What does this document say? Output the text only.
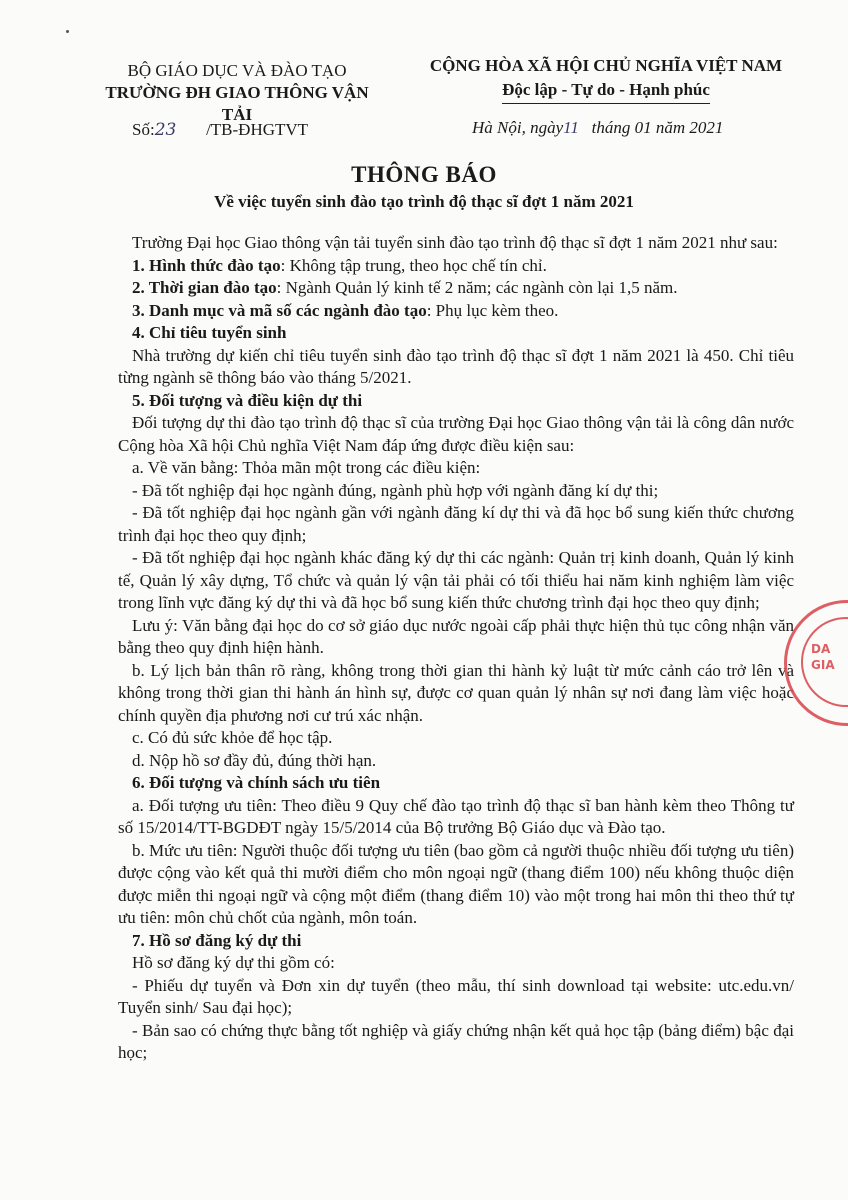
BỘ GIÁO DỤC VÀ ĐÀO TẠO
TRƯỜNG ĐH GIAO THÔNG VẬN TẢI
CỘNG HÒA XÃ HỘI CHỦ NGHĨA VIỆT NAM
Độc lập - Tự do - Hạnh phúc
Số:23 /TB-ĐHGTVT	Hà Nội, ngày11 tháng 01 năm 2021
THÔNG BÁO
Về việc tuyển sinh đào tạo trình độ thạc sĩ đợt 1 năm 2021

Trường Đại học Giao thông vận tải tuyển sinh đào tạo trình độ thạc sĩ đợt 1 năm 2021 như sau:

1. Hình thức đào tạo: Không tập trung, theo học chế tín chỉ.

2. Thời gian đào tạo: Ngành Quản lý kinh tế 2 năm; các ngành còn lại 1,5 năm.

3. Danh mục và mã số các ngành đào tạo: Phụ lục kèm theo.

4. Chỉ tiêu tuyển sinh

Nhà trường dự kiến chỉ tiêu tuyển sinh đào tạo trình độ thạc sĩ đợt 1 năm 2021 là 450. Chỉ tiêu từng ngành sẽ thông báo vào tháng 5/2021.

5. Đối tượng và điều kiện dự thi

Đối tượng dự thi đào tạo trình độ thạc sĩ của trường Đại học Giao thông vận tải là công dân nước Cộng hòa Xã hội Chủ nghĩa Việt Nam đáp ứng được điều kiện sau:

a. Về văn bằng: Thỏa mãn một trong các điều kiện:

- Đã tốt nghiệp đại học ngành đúng, ngành phù hợp với ngành đăng kí dự thi;

- Đã tốt nghiệp đại học ngành gần với ngành đăng kí dự thi và đã học bổ sung kiến thức chương trình đại học theo quy định;

- Đã tốt nghiệp đại học ngành khác đăng ký dự thi các ngành: Quản trị kinh doanh, Quản lý kinh tế, Quản lý xây dựng, Tổ chức và quản lý vận tải phải có tối thiểu hai năm kinh nghiệm làm việc trong lĩnh vực đăng ký dự thi và đã học bổ sung kiến thức chương trình đại học theo quy định;

Lưu ý: Văn bằng đại học do cơ sở giáo dục nước ngoài cấp phải thực hiện thủ tục công nhận văn bằng theo quy định hiện hành.

b. Lý lịch bản thân rõ ràng, không trong thời gian thi hành kỷ luật từ mức cảnh cáo trở lên và không trong thời gian thi hành án hình sự, được cơ quan quản lý nhân sự nơi đang làm việc hoặc chính quyền địa phương nơi cư trú xác nhận.

c. Có đủ sức khỏe để học tập.

d. Nộp hồ sơ đầy đủ, đúng thời hạn.

6. Đối tượng và chính sách ưu tiên

a. Đối tượng ưu tiên: Theo điều 9 Quy chế đào tạo trình độ thạc sĩ ban hành kèm theo Thông tư số 15/2014/TT-BGDĐT ngày 15/5/2014 của Bộ trưởng Bộ Giáo dục và Đào tạo.

b. Mức ưu tiên: Người thuộc đối tượng ưu tiên (bao gồm cả người thuộc nhiều đối tượng ưu tiên) được cộng vào kết quả thi mười điểm cho môn ngoại ngữ (thang điểm 100) nếu không thuộc diện được miễn thi ngoại ngữ và cộng một điểm (thang điểm 10) vào một trong hai môn thi theo thứ tự ưu tiên: môn chủ chốt của ngành, môn toán.

7. Hồ sơ đăng ký dự thi

Hồ sơ đăng ký dự thi gồm có:

- Phiếu dự tuyển và Đơn xin dự tuyển (theo mẫu, thí sinh download tại website: utc.edu.vn/ Tuyển sinh/ Sau đại học);

- Bản sao có chứng thực bằng tốt nghiệp và giấy chứng nhận kết quả học tập (bảng điểm) bậc đại học;

DA
GIA
